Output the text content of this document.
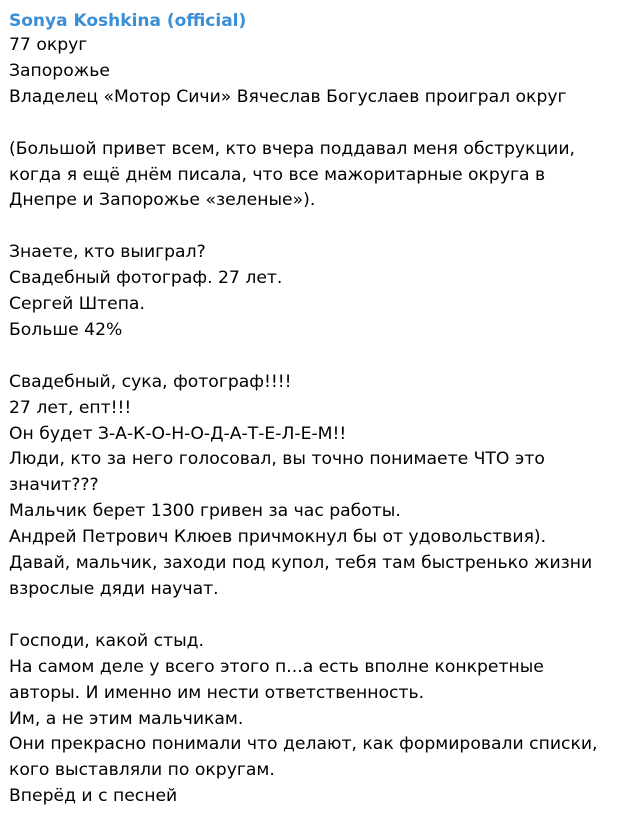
Sonya Koshkina (official)
77 округ
Запорожье
Владелец «Мотор Сичи» Вячеслав Богуслаев проиграл округ
(Большой привет всем, кто вчера поддавал меня обструкции,
когда я ещё днём писала, что все мажоритарные округа в
Днепре и Запорожье «зеленые»).
Знаете, кто выиграл?
Свадебный фотограф. 27 лет.
Сергей Штепа.
Больше 42%
Свадебный, сука, фотограф!!!!
27 лет, епт!!!
Он будет З-А-К-О-Н-О-Д-А-Т-Е-Л-Е-М!!
Люди, кто за него голосовал, вы точно понимаете ЧТО это
значит???
Мальчик берет 1300 гривен за час работы.
Андрей Петрович Клюев причмокнул бы от удовольствия).
Давай, мальчик, заходи под купол, тебя там быстренько жизни
взрослые дяди научат.
Господи, какой стыд.
На самом деле у всего этого п...а есть вполне конкретные
авторы. И именно им нести ответственность.
Им, а не этим мальчикам.
Они прекрасно понимали что делают, как формировали списки,
кого выставляли по округам.
Вперёд и с песней
